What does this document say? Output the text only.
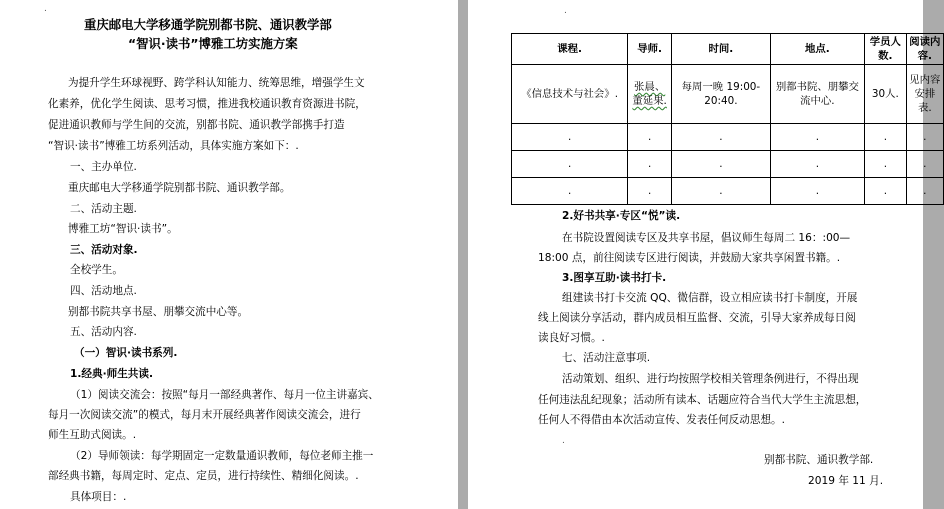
.
重庆邮电大学移通学院别都书院、通识教学部
“智识·读书”博雅工坊实施方案
为提升学生环球视野、跨学科认知能力、统筹思维，增强学生文
化素养，优化学生阅读、思考习惯，推进我校通识教育资源进书院，
促进通识教师与学生间的交流，别都书院、通识教学部携手打造
“智识·读书”博雅工坊系列活动，具体实施方案如下：.
一、主办单位.
重庆邮电大学移通学院别都书院、通识教学部。
二、活动主题.
博雅工坊“智识·读书”。
三、活动对象.
全校学生。
四、活动地点.
别都书院共享书屋、朋攀交流中心等。
五、活动内容.
（一）智识·读书系列.
1.经典·师生共读.
（1）阅读交流会：按照“每月一部经典著作、每月一位主讲嘉宾、
每月一次阅读交流”的模式，每月末开展经典著作阅读交流会，进行
师生互助式阅读。.
（2）导师领读：每学期固定一定数量通识教师，每位老师主推一
部经典书籍，每周定时、定点、定员，进行持续性、精细化阅读。.
具体项目：.
.
课程.	导师.	时间.	地点.	学员人数.	阅读内容.
《信息技术与社会》.	张晨、董延果.	每周一晚 19:00-20:40.	别都书院、朋攀交流中心.	30人.	见内容安排表.
.	.	.	.	.	.
.	.	.	.	.	.
.	.	.	.	.	.
2.好书共享·专区“悦”读.
在书院设置阅读专区及共享书屋，倡议师生每周二 16：:00—
18:00 点，前往阅读专区进行阅读，并鼓励大家共享闲置书籍。.
3.图享互助·读书打卡.
组建读书打卡交流 QQ、微信群，设立相应读书打卡制度，开展
线上阅读分享活动，群内成员相互监督、交流，引导大家养成每日阅
读良好习惯。.
七、活动注意事项.
活动策划、组织、进行均按照学校相关管理条例进行，不得出现
任何违法乱纪现象；活动所有读本、话题应符合当代大学生主流思想，
任何人不得借由本次活动宣传、发表任何反动思想。.
.
别都书院、通识教学部.
2019 年 11 月.
